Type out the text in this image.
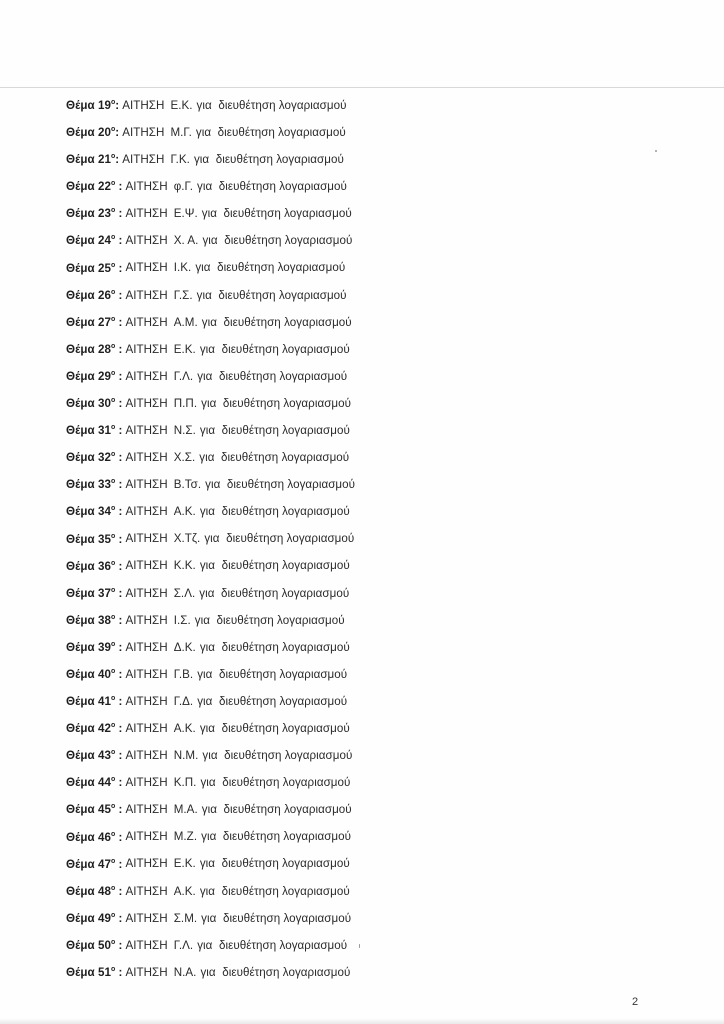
Θέμα $19^o$: ΑΙΤΗΣΗ Ε.Κ. για  διευθέτηση λογαριασμού
Θέμα $20^o$: ΑΙΤΗΣΗ Μ.Γ. για  διευθέτηση λογαριασμού
Θέμα $21^o$: ΑΙΤΗΣΗ Γ.Κ. για  διευθέτηση λογαριασμού
Θέμα $22^o$ : ΑΙΤΗΣΗ φ.Γ. για  διευθέτηση λογαριασμού
Θέμα $23^o$ : ΑΙΤΗΣΗ Ε.Ψ. για  διευθέτηση λογαριασμού
Θέμα $24^o$ : ΑΙΤΗΣΗ Χ. Α. για  διευθέτηση λογαριασμού
Θέμα $25^o$ : ΑΙΤΗΣΗ Ι.Κ. για  διευθέτηση λογαριασμού
Θέμα $26^o$ : ΑΙΤΗΣΗ Γ.Σ. για  διευθέτηση λογαριασμού
Θέμα $27^o$ : ΑΙΤΗΣΗ Α.Μ. για  διευθέτηση λογαριασμού
Θέμα $28^o$ : ΑΙΤΗΣΗ Ε.Κ. για  διευθέτηση λογαριασμού
Θέμα $29^o$ : ΑΙΤΗΣΗ Γ.Λ. για  διευθέτηση λογαριασμού
Θέμα $30^o$ : ΑΙΤΗΣΗ Π.Π. για  διευθέτηση λογαριασμού
Θέμα $31^o$ : ΑΙΤΗΣΗ Ν.Σ. για  διευθέτηση λογαριασμού
Θέμα $32^o$ : ΑΙΤΗΣΗ Χ.Σ. για  διευθέτηση λογαριασμού
Θέμα $33^o$ : ΑΙΤΗΣΗ Β.Τσ. για  διευθέτηση λογαριασμού
Θέμα $34^o$ : ΑΙΤΗΣΗ Α.Κ. για  διευθέτηση λογαριασμού
Θέμα $35^o$ : ΑΙΤΗΣΗ Χ.Τζ. για  διευθέτηση λογαριασμού
Θέμα $36^o$ : ΑΙΤΗΣΗ Κ.Κ. για  διευθέτηση λογαριασμού
Θέμα $37^o$ : ΑΙΤΗΣΗ Σ.Λ. για  διευθέτηση λογαριασμού
Θέμα $38^o$ : ΑΙΤΗΣΗ Ι.Σ. για  διευθέτηση λογαριασμού
Θέμα $39^o$ : ΑΙΤΗΣΗ Δ.Κ. για  διευθέτηση λογαριασμού
Θέμα $40^o$ : ΑΙΤΗΣΗ Γ.Β. για  διευθέτηση λογαριασμού
Θέμα $41^o$ : ΑΙΤΗΣΗ Γ.Δ. για  διευθέτηση λογαριασμού
Θέμα $42^o$ : ΑΙΤΗΣΗ Α.Κ. για  διευθέτηση λογαριασμού
Θέμα $43^o$ : ΑΙΤΗΣΗ Ν.Μ. για  διευθέτηση λογαριασμού
Θέμα $44^o$ : ΑΙΤΗΣΗ Κ.Π. για  διευθέτηση λογαριασμού
Θέμα $45^o$ : ΑΙΤΗΣΗ Μ.Α. για  διευθέτηση λογαριασμού
Θέμα $46^o$ : ΑΙΤΗΣΗ Μ.Ζ. για  διευθέτηση λογαριασμού
Θέμα $47^o$ : ΑΙΤΗΣΗ Ε.Κ. για  διευθέτηση λογαριασμού
Θέμα $48^o$ : ΑΙΤΗΣΗ Α.Κ. για  διευθέτηση λογαριασμού
Θέμα $49^o$ : ΑΙΤΗΣΗ Σ.Μ. για  διευθέτηση λογαριασμού
Θέμα $50^o$ : ΑΙΤΗΣΗ Γ.Λ. για  διευθέτηση λογαριασμού
Θέμα $51^o$ : ΑΙΤΗΣΗ Ν.Α. για  διευθέτηση λογαριασμού
2
